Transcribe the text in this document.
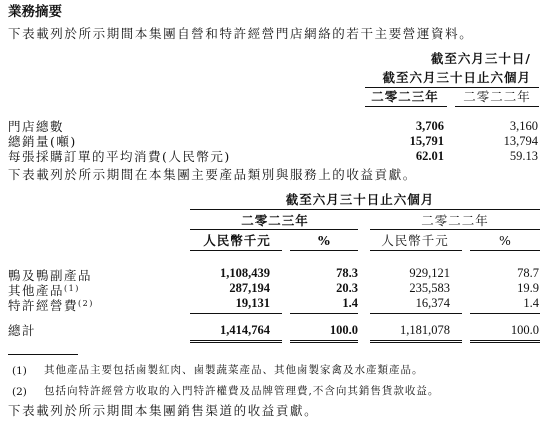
業務摘要
下表載列於所示期間本集團自營和特許經營門店網絡的若干主要營運資料。
截至六月三十日/
截至六月三十日止六個月
二零二三年	二零二二年
門店總數	3,706	3,160
總銷量(噸)	15,791	13,794
每張採購訂單的平均消費(人民幣元)	62.01	59.13
下表載列於所示期間在本集團主要產品類別與服務上的收益貢獻。
截至六月三十日止六個月
二零二三年	二零二二年
人民幣千元	%	人民幣千元	%
鴨及鴨副產品	1,108,439	78.3	929,121	78.7
其他產品$^{(1)}$	287,194	20.3	235,583	19.9
特許經營費$^{(2)}$	19,131	1.4	16,374	1.4
總計	1,414,764	100.0	1,181,078	100.0
(1) 其他產品主要包括鹵製紅肉、鹵製蔬菜產品、其他鹵製家禽及水產類產品。
(2) 包括向特許經營方收取的入門特許權費及品牌管理費,不含向其銷售貨款收益。
下表載列於所示期間本集團銷售渠道的收益貢獻。
